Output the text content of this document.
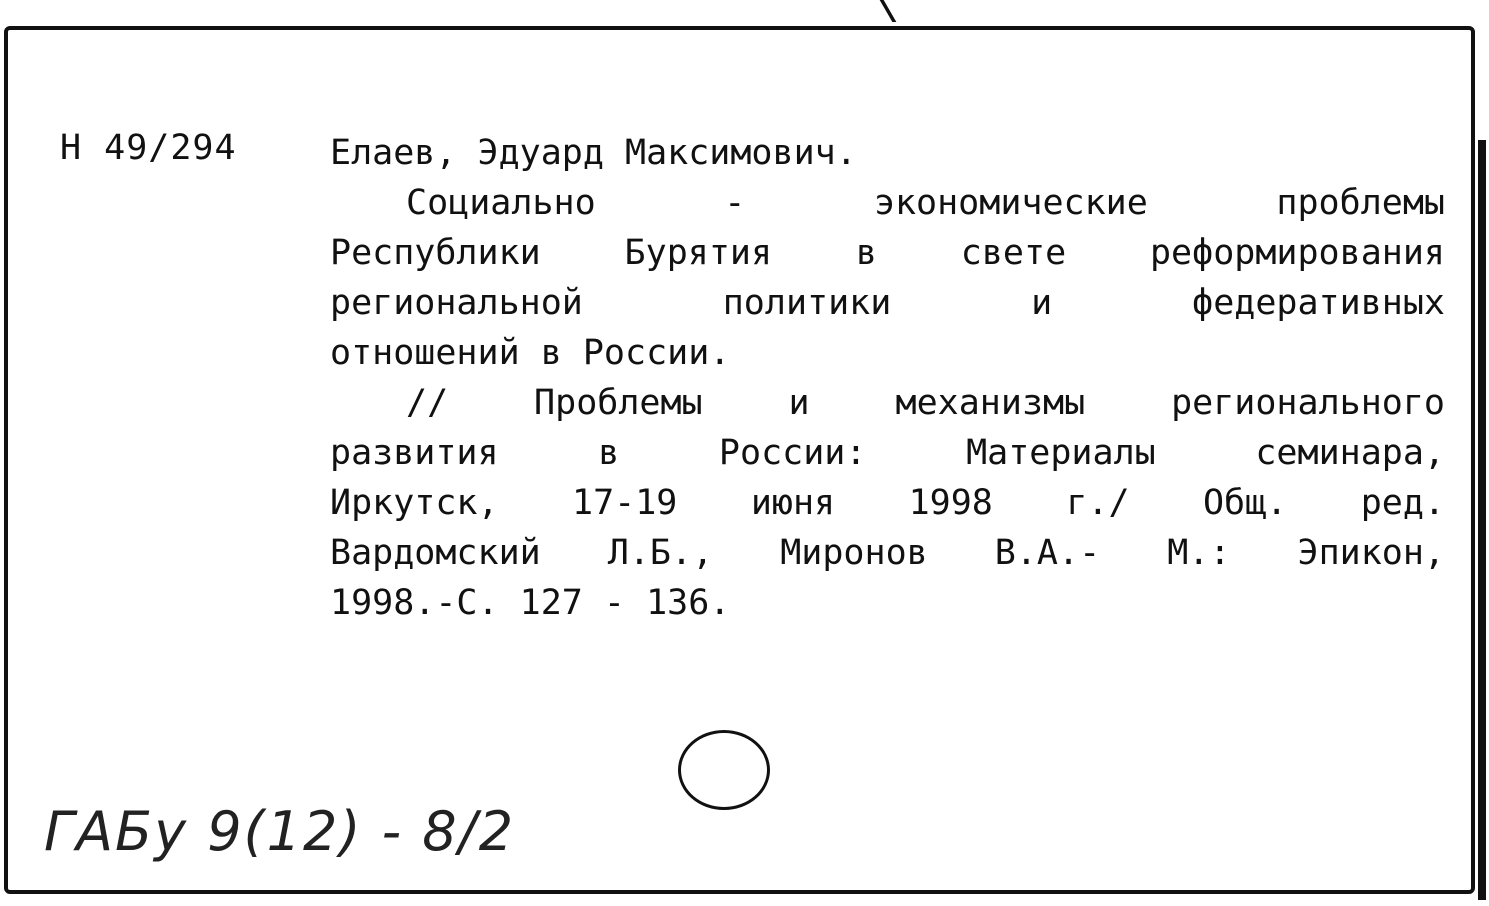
Н 49/294	Елаев, Эдуард Максимович.
Социально - экономические проблемы
Республики Бурятия в свете реформирования
региональной политики и федеративных
отношений в России.
// Проблемы и механизмы регионального
развития в России: Материалы семинара,
Иркутск, 17-19 июня 1998 г./ Общ. ред.
Вардомский Л.Б., Миронов В.А.- М.: Эпикон,
1998.-С. 127 - 136.
ГАБу 9(12) - 8/2
